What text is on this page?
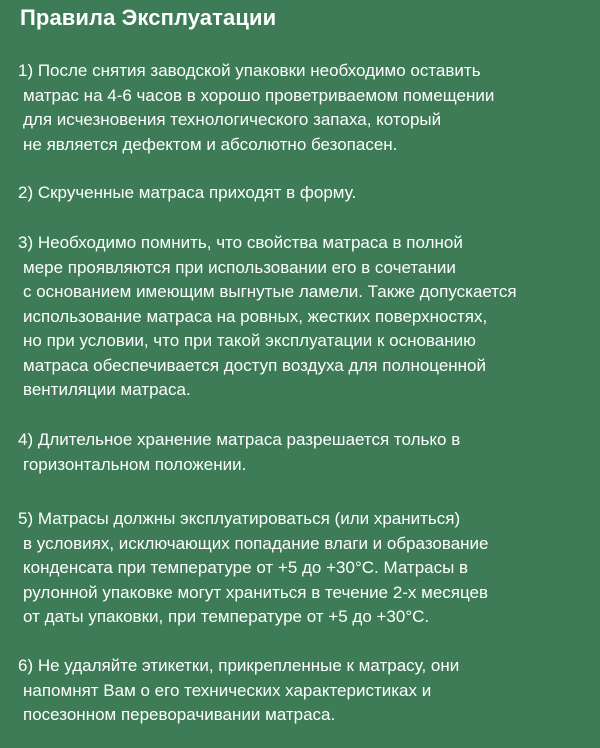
Правила Эксплуатации
1) После снятия заводской упаковки необходимо оставить
матрас на 4-6 часов в хорошо проветриваемом помещении
для исчезновения технологического запаха, который
не является дефектом и абсолютно безопасен.
2) Скрученные матраса приходят в форму.
3) Необходимо помнить, что свойства матраса в полной
мере проявляются при использовании его в сочетании
с основанием имеющим выгнутые ламели. Также допускается
использование матраса на ровных, жестких поверхностях,
но при условии, что при такой эксплуатации к основанию
матраса обеспечивается доступ воздуха для полноценной
вентиляции матраса.
4) Длительное хранение матраса разрешается только в
горизонтальном положении.
5) Матрасы должны эксплуатироваться (или храниться)
в условиях, исключающих попадание влаги и образование
конденсата при температуре от +5 до +30°С. Матрасы в
рулонной упаковке могут храниться в течение 2-х месяцев
от даты упаковки, при температуре от +5 до +30°С.
6) Не удаляйте этикетки, прикрепленные к матрасу, они
напомнят Вам о его технических характеристиках и
посезонном переворачивании матраса.
